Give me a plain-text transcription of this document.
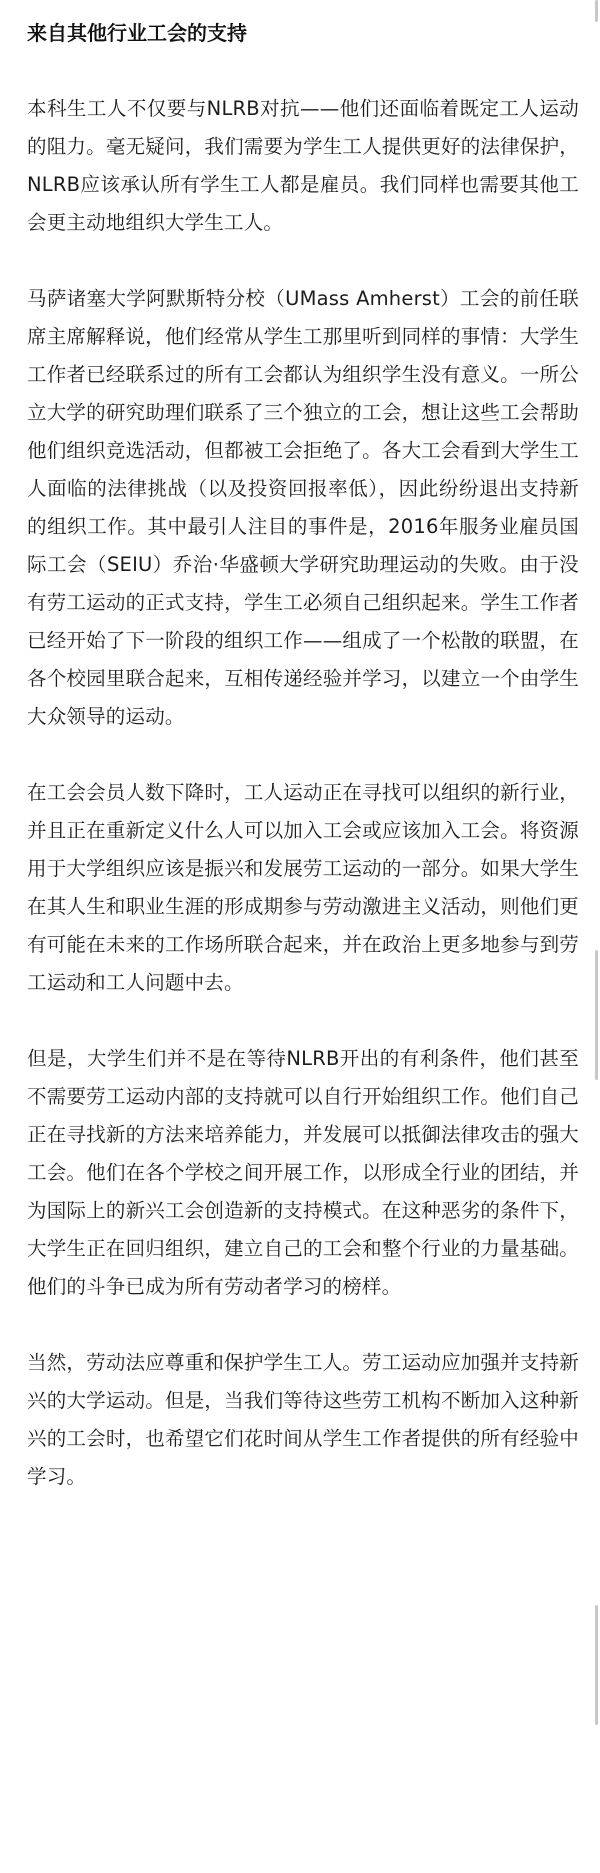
来自其他行业工会的支持

本科生工人不仅要与NLRB对抗——他们还面临着既定工人运动的阻力。毫无疑问，我们需要为学生工人提供更好的法律保护，NLRB应该承认所有学生工人都是雇员。我们同样也需要其他工会更主动地组织大学生工人。

马萨诸塞大学阿默斯特分校（UMass Amherst）工会的前任联席主席解释说，他们经常从学生工那里听到同样的事情：大学生工作者已经联系过的所有工会都认为组织学生没有意义。一所公立大学的研究助理们联系了三个独立的工会，想让这些工会帮助他们组织竞选活动，但都被工会拒绝了。各大工会看到大学生工人面临的法律挑战（以及投资回报率低），因此纷纷退出支持新的组织工作。其中最引人注目的事件是，2016年服务业雇员国际工会（SEIU）乔治·华盛顿大学研究助理运动的失败。由于没有劳工运动的正式支持，学生工必须自己组织起来。学生工作者已经开始了下一阶段的组织工作——组成了一个松散的联盟，在各个校园里联合起来，互相传递经验并学习，以建立一个由学生大众领导的运动。

在工会会员人数下降时，工人运动正在寻找可以组织的新行业，并且正在重新定义什么人可以加入工会或应该加入工会。将资源用于大学组织应该是振兴和发展劳工运动的一部分。如果大学生在其人生和职业生涯的形成期参与劳动激进主义活动，则他们更有可能在未来的工作场所联合起来，并在政治上更多地参与到劳工运动和工人问题中去。

但是，大学生们并不是在等待NLRB开出的有利条件，他们甚至不需要劳工运动内部的支持就可以自行开始组织工作。他们自己正在寻找新的方法来培养能力，并发展可以抵御法律攻击的强大工会。他们在各个学校之间开展工作，以形成全行业的团结，并为国际上的新兴工会创造新的支持模式。在这种恶劣的条件下，大学生正在回归组织，建立自己的工会和整个行业的力量基础。他们的斗争已成为所有劳动者学习的榜样。

当然，劳动法应尊重和保护学生工人。劳工运动应加强并支持新兴的大学运动。但是，当我们等待这些劳工机构不断加入这种新兴的工会时，也希望它们花时间从学生工作者提供的所有经验中学习。
